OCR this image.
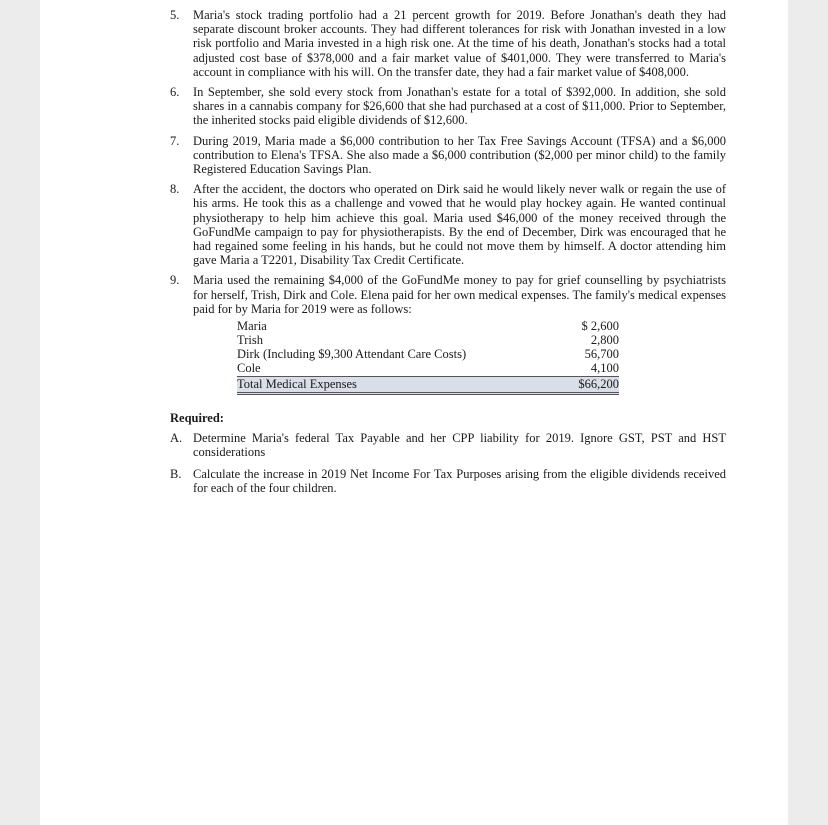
5.	Maria's stock trading portfolio had a 21 percent growth for 2019. Before Jonathan's death they had separate discount broker accounts. They had different tolerances for risk with Jonathan invested in a low risk portfolio and Maria invested in a high risk one. At the time of his death, Jonathan's stocks had a total adjusted cost base of $378,000 and a fair market value of $401,000. They were transferred to Maria's account in compliance with his will. On the transfer date, they had a fair market value of $408,000.
6.	In September, she sold every stock from Jonathan's estate for a total of $392,000. In addition, she sold shares in a cannabis company for $26,600 that she had purchased at a cost of $11,000. Prior to September, the inherited stocks paid eligible dividends of $12,600.
7.	During 2019, Maria made a $6,000 contribution to her Tax Free Savings Account (TFSA) and a $6,000 contribution to Elena's TFSA. She also made a $6,000 contribution ($2,000 per minor child) to the family Registered Education Savings Plan.
8.	After the accident, the doctors who operated on Dirk said he would likely never walk or regain the use of his arms. He took this as a challenge and vowed that he would play hockey again. He wanted continual physiotherapy to help him achieve this goal. Maria used $46,000 of the money received through the GoFundMe campaign to pay for physiotherapists. By the end of December, Dirk was encouraged that he had regained some feeling in his hands, but he could not move them by himself. A doctor attending him gave Maria a T2201, Disability Tax Credit Certificate.
9.	Maria used the remaining $4,000 of the GoFundMe money to pay for grief counselling by psychiatrists for herself, Trish, Dirk and Cole. Elena paid for her own medical expenses. The family's medical expenses paid for by Maria for 2019 were as follows:
Maria	$ 2,600
Trish	2,800
Dirk (Including $9,300 Attendant Care Costs)	56,700
Cole	4,100
Total Medical Expenses	$66,200
Required:
A. Determine Maria's federal Tax Payable and her CPP liability for 2019. Ignore GST, PST and HST considerations
B. Calculate the increase in 2019 Net Income For Tax Purposes arising from the eligible dividends received for each of the four children.
